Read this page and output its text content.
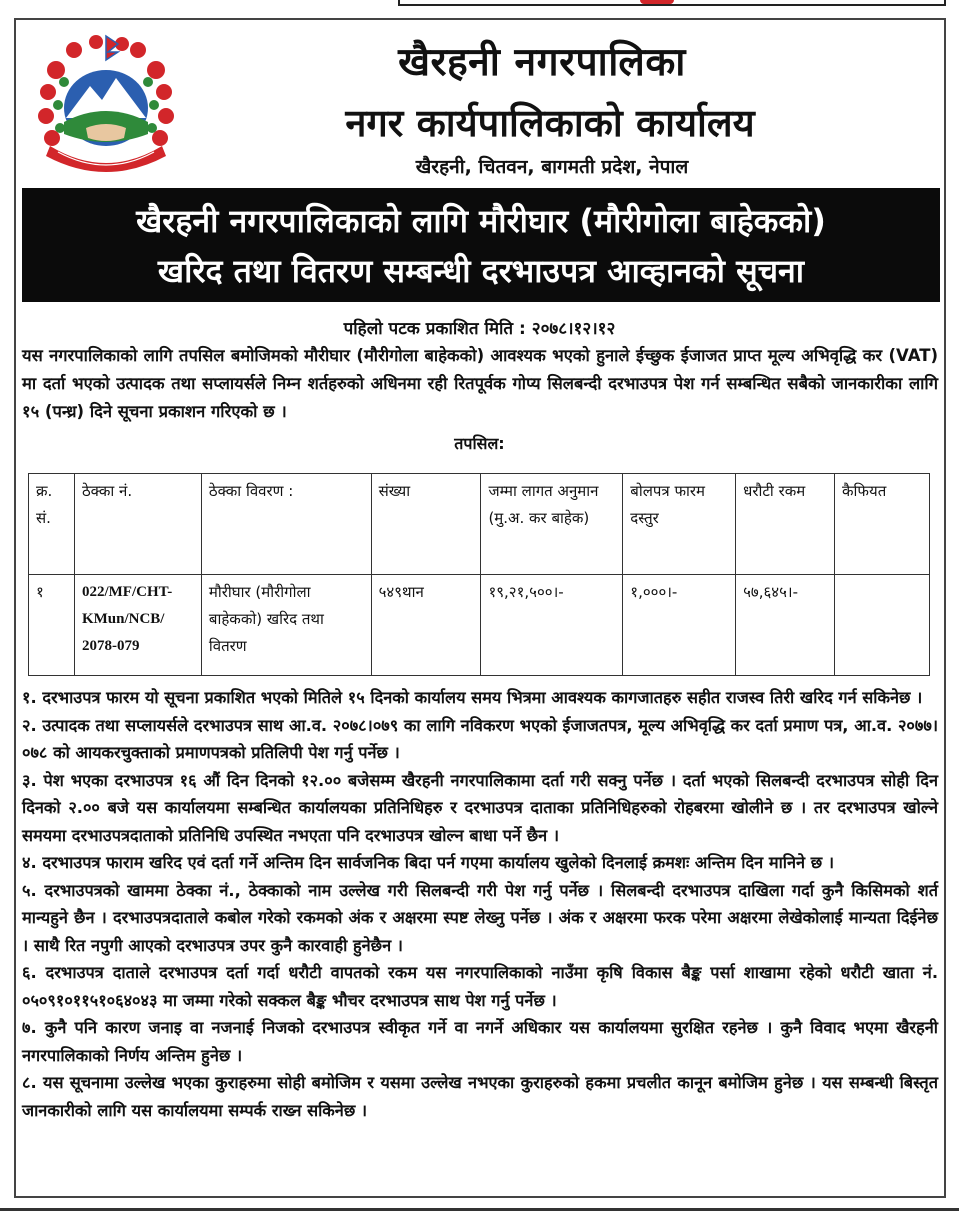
खैरहनी नगरपालिका
नगर कार्यपालिकाको कार्यालय
खैरहनी, चितवन, बागमती प्रदेश, नेपाल
खैरहनी नगरपालिकाको लागि मौरीघार (मौरीगोला बाहेकको)
खरिद तथा वितरण सम्बन्धी दरभाउपत्र आव्हानको सूचना
पहिलो पटक प्रकाशित मिति : २०७८।१२।१२
यस नगरपालिकाको लागि तपसिल बमोजिमको मौरीघार (मौरीगोला बाहेकको) आवश्यक भएको हुनाले ईच्छुक ईजाजत प्राप्त मूल्य अभिवृद्धि कर (VAT) मा दर्ता भएको उत्पादक तथा सप्लायर्सले निम्न शर्तहरुको अधिनमा रही रितपूर्वक गोप्य सिलबन्दी दरभाउपत्र पेश गर्न सम्बन्धित सबैको जानकारीका लागि १५ (पन्ध्र) दिने सूचना प्रकाशन गरिएको छ ।
तपसिल:
क्र. सं.	ठेक्का नं.	ठेक्का विवरण :	संख्या	जम्मा लागत अनुमान (मु.अ. कर बाहेक)	बोलपत्र फारम दस्तुर	धरौटी रकम	कैफियत
१	022/MF/CHT-KMun/NCB/ 2078-079	मौरीघार (मौरीगोला बाहेकको) खरिद तथा वितरण	५४९थान	१९,२१,५००।-	१,०००।-	५७,६४५।-	

१. दरभाउपत्र फारम यो सूचना प्रकाशित भएको मितिले १५ दिनको कार्यालय समय भित्रमा आवश्यक कागजातहरु सहीत राजस्व तिरी खरिद गर्न सकिनेछ ।

२. उत्पादक तथा सप्लायर्सले दरभाउपत्र साथ आ.व. २०७८।०७९ का लागि नविकरण भएको ईजाजतपत्र, मूल्य अभिवृद्धि कर दर्ता प्रमाण पत्र, आ.व. २०७७।०७८ को आयकरचुक्ताको प्रमाणपत्रको प्रतिलिपी पेश गर्नु पर्नेछ ।

३. पेश भएका दरभाउपत्र १६ औं दिन दिनको १२.०० बजेसम्म खैरहनी नगरपालिकामा दर्ता गरी सक्नु पर्नेछ । दर्ता भएको सिलबन्दी दरभाउपत्र सोही दिन दिनको २.०० बजे यस कार्यालयमा सम्बन्धित कार्यालयका प्रतिनिधिहरु र दरभाउपत्र दाताका प्रतिनिधिहरुको रोहबरमा खोलीने छ । तर दरभाउपत्र खोल्ने समयमा दरभाउपत्रदाताको प्रतिनिधि उपस्थित नभएता पनि दरभाउपत्र खोल्न बाधा पर्ने छैन ।

४. दरभाउपत्र फाराम खरिद एवं दर्ता गर्ने अन्तिम दिन सार्वजनिक बिदा पर्न गएमा कार्यालय खुलेको दिनलाई क्रमशः अन्तिम दिन मानिने छ ।

५. दरभाउपत्रको खाममा ठेक्का नं., ठेक्काको नाम उल्लेख गरी सिलबन्दी गरी पेश गर्नु पर्नेछ । सिलबन्दी दरभाउपत्र दाखिला गर्दा कुनै किसिमको शर्त मान्यहुने छैन । दरभाउपत्रदाताले कबोल गरेको रकमको अंक र अक्षरमा स्पष्ट लेख्नु पर्नेछ । अंक र अक्षरमा फरक परेमा अक्षरमा लेखेकोलाई मान्यता दिईनेछ । साथै रित नपुगी आएको दरभाउपत्र उपर कुनै कारवाही हुनेछैन ।

६. दरभाउपत्र दाताले दरभाउपत्र दर्ता गर्दा धरौटी वापतको रकम यस नगरपालिकाको नाउँमा कृषि विकास बैङ्क पर्सा शाखामा रहेको धरौटी खाता नं. ०५०९१०११५१०६४०४३ मा जम्मा गरेको सक्कल बैङ्क भौचर दरभाउपत्र साथ पेश गर्नु पर्नेछ ।

७. कुनै पनि कारण जनाइ वा नजनाई निजको दरभाउपत्र स्वीकृत गर्ने वा नगर्ने अधिकार यस कार्यालयमा सुरक्षित रहनेछ । कुनै विवाद भएमा खैरहनी नगरपालिकाको निर्णय अन्तिम हुनेछ ।

८. यस सूचनामा उल्लेख भएका कुराहरुमा सोही बमोजिम र यसमा उल्लेख नभएका कुराहरुको हकमा प्रचलीत कानून बमोजिम हुनेछ । यस सम्बन्धी बिस्तृत जानकारीको लागि यस कार्यालयमा सम्पर्क राख्न सकिनेछ ।
